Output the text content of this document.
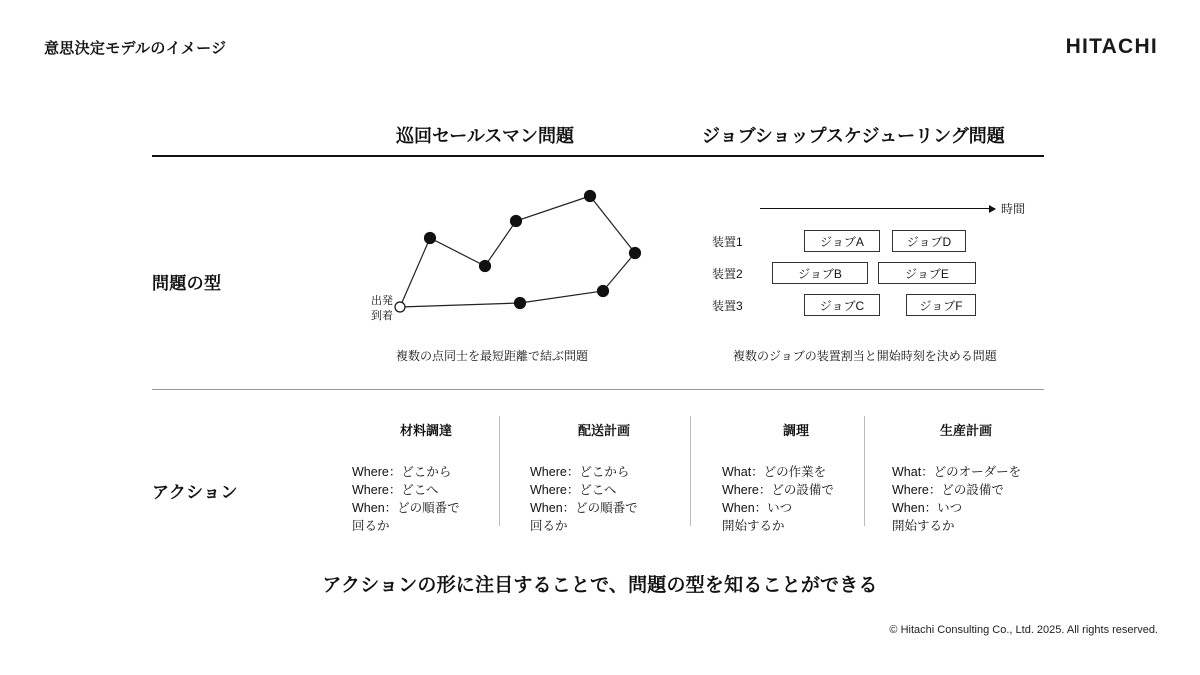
意思決定モデルのイメージ	HITACHI
巡回セールスマン問題	ジョブショップスケジューリング問題
問題の型
アクション
出発
到着
複数の点同士を最短距離で結ぶ問題
時間
装置1	ジョブA	ジョブD
装置2	ジョブB	ジョブE
装置3	ジョブC	ジョブF
複数のジョブの装置割当と開始時刻を決める問題
材料調達
Where：どこから
Where：どこへ
When：どの順番で
回るか
配送計画
Where：どこから
Where：どこへ
When：どの順番で
回るか
調理
What：どの作業を
Where：どの設備で
When：いつ
開始するか
生産計画
What：どのオーダーを
Where：どの設備で
When：いつ
開始するか
アクションの形に注目することで、問題の型を知ることができる
© Hitachi Consulting Co., Ltd. 2025. All rights reserved.
